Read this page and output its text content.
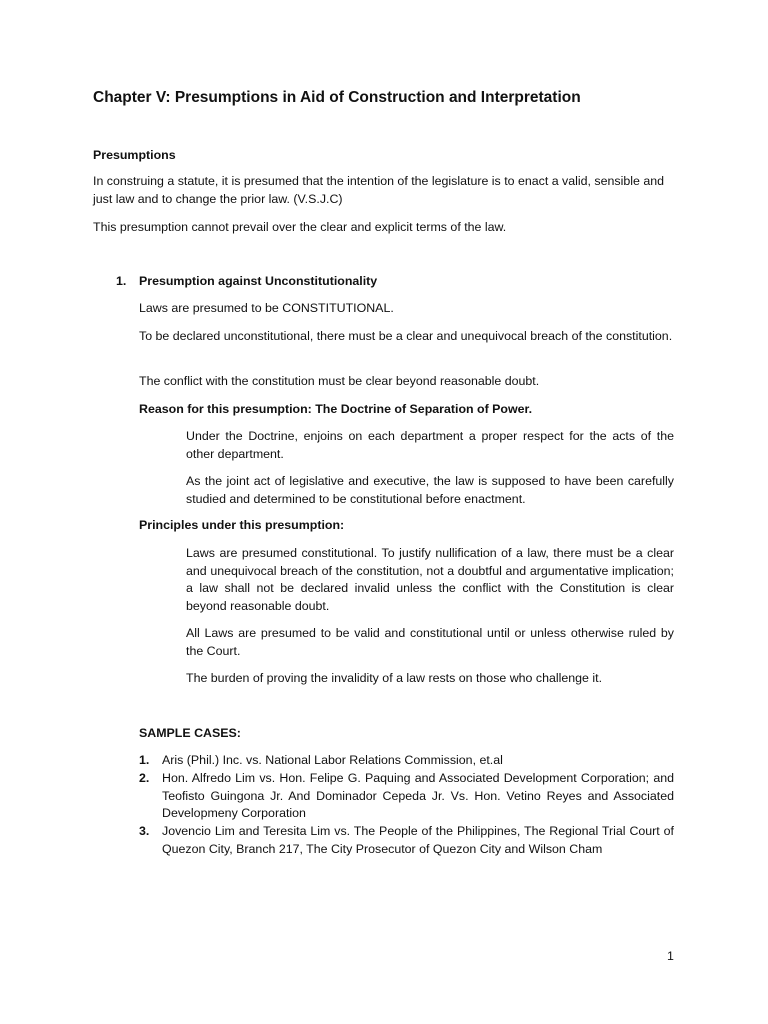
Chapter V: Presumptions in Aid of Construction and Interpretation

Presumptions

In construing a statute, it is presumed that the intention of the legislature is to enact a valid, sensible and just law and to change the prior law. (V.S.J.C)

This presumption cannot prevail over the clear and explicit terms of the law.

1. Presumption against Unconstitutionality

Laws are presumed to be CONSTITUTIONAL.

To be declared unconstitutional, there must be a clear and unequivocal breach of the constitution.

The conflict with the constitution must be clear beyond reasonable doubt.

Reason for this presumption: The Doctrine of Separation of Power.

Under the Doctrine, enjoins on each department a proper respect for the acts of the other department.

As the joint act of legislative and executive, the law is supposed to have been carefully studied and determined to be constitutional before enactment.

Principles under this presumption:

Laws are presumed constitutional. To justify nullification of a law, there must be a clear and unequivocal breach of the constitution, not a doubtful and argumentative implication; a law shall not be declared invalid unless the conflict with the Constitution is clear beyond reasonable doubt.

All Laws are presumed to be valid and constitutional until or unless otherwise ruled by the Court.

The burden of proving the invalidity of a law rests on those who challenge it.

SAMPLE CASES:

1. Aris (Phil.) Inc. vs. National Labor Relations Commission, et.al

2. Hon. Alfredo Lim vs. Hon. Felipe G. Paquing and Associated Development Corporation; and Teofisto Guingona Jr. And Dominador Cepeda Jr. Vs. Hon. Vetino Reyes and Associated Developmeny Corporation

3. Jovencio Lim and Teresita Lim vs. The People of the Philippines, The Regional Trial Court of Quezon City, Branch 217, The City Prosecutor of Quezon City and Wilson Cham

1
